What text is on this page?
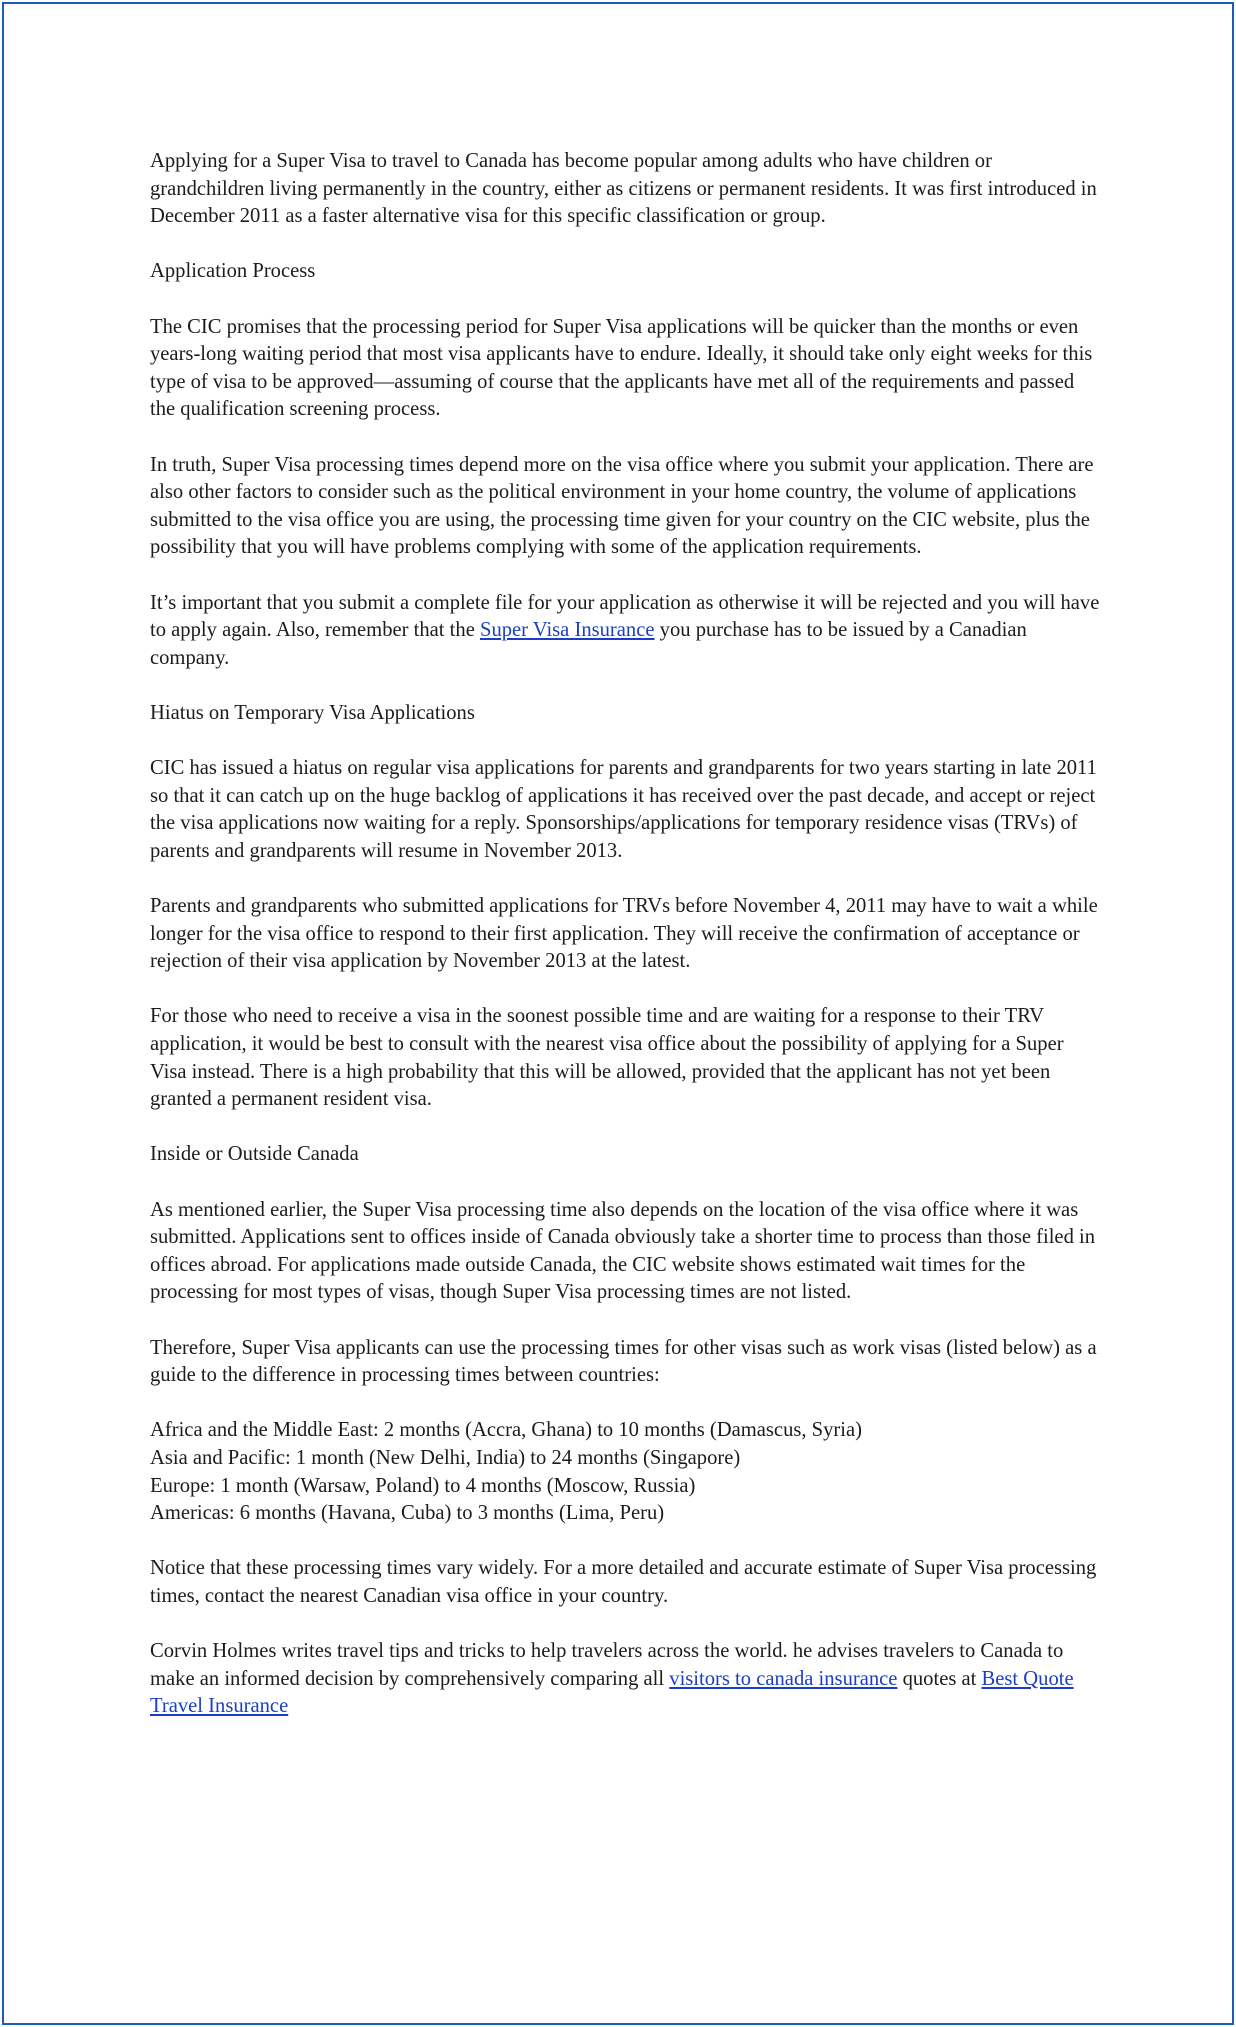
Applying for a Super Visa to travel to Canada has become popular among adults who have children or grandchildren living permanently in the country, either as citizens or permanent residents. It was first introduced in December 2011 as a faster alternative visa for this specific classification or group.

Application Process

The CIC promises that the processing period for Super Visa applications will be quicker than the months or even years-long waiting period that most visa applicants have to endure. Ideally, it should take only eight weeks for this type of visa to be approved—assuming of course that the applicants have met all of the requirements and passed the qualification screening process.

In truth, Super Visa processing times depend more on the visa office where you submit your application. There are also other factors to consider such as the political environment in your home country, the volume of applications submitted to the visa office you are using, the processing time given for your country on the CIC website, plus the possibility that you will have problems complying with some of the application requirements.

It’s important that you submit a complete file for your application as otherwise it will be rejected and you will have to apply again. Also, remember that the Super Visa Insurance you purchase has to be issued by a Canadian company.

Hiatus on Temporary Visa Applications

CIC has issued a hiatus on regular visa applications for parents and grandparents for two years starting in late 2011 so that it can catch up on the huge backlog of applications it has received over the past decade, and accept or reject the visa applications now waiting for a reply. Sponsorships/applications for temporary residence visas (TRVs) of parents and grandparents will resume in November 2013.

Parents and grandparents who submitted applications for TRVs before November 4, 2011 may have to wait a while longer for the visa office to respond to their first application. They will receive the confirmation of acceptance or rejection of their visa application by November 2013 at the latest.

For those who need to receive a visa in the soonest possible time and are waiting for a response to their TRV application, it would be best to consult with the nearest visa office about the possibility of applying for a Super Visa instead. There is a high probability that this will be allowed, provided that the applicant has not yet been granted a permanent resident visa.

Inside or Outside Canada

As mentioned earlier, the Super Visa processing time also depends on the location of the visa office where it was submitted. Applications sent to offices inside of Canada obviously take a shorter time to process than those filed in offices abroad. For applications made outside Canada, the CIC website shows estimated wait times for the processing for most types of visas, though Super Visa processing times are not listed.

Therefore, Super Visa applicants can use the processing times for other visas such as work visas (listed below) as a guide to the difference in processing times between countries:

Africa and the Middle East: 2 months (Accra, Ghana) to 10 months (Damascus, Syria)
Asia and Pacific: 1 month (New Delhi, India) to 24 months (Singapore)
Europe: 1 month (Warsaw, Poland) to 4 months (Moscow, Russia)
Americas: 6 months (Havana, Cuba) to 3 months (Lima, Peru)

Notice that these processing times vary widely. For a more detailed and accurate estimate of Super Visa processing times, contact the nearest Canadian visa office in your country.

Corvin Holmes writes travel tips and tricks to help travelers across the world. he advises travelers to Canada to make an informed decision by comprehensively comparing all visitors to canada insurance quotes at Best Quote Travel Insurance
